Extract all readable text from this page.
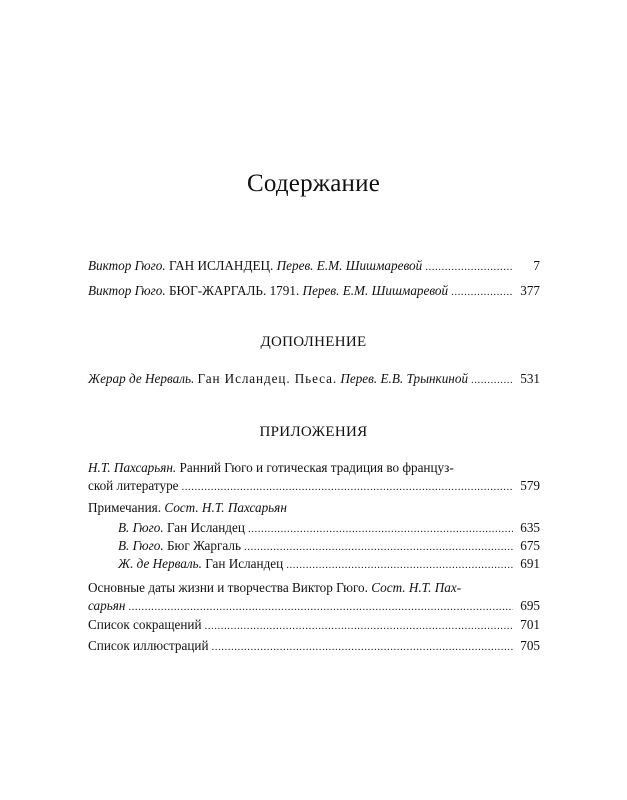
Содержание
Виктор Гюго. ГАН ИСЛАНДЕЦ. Перев. Е.М. Шишмаревой .....	7
Виктор Гюго. БЮГ-ЖАРГАЛЬ. 1791. Перев. Е.М. Шишмаревой .....	377
ДОПОЛНЕНИЕ
Жерар де Нерваль. Ган Исландец. Пьеса. Перев. Е.В. Трынкиной .....	531
ПРИЛОЖЕНИЯ
Н.Т. Пахсарьян. Ранний Гюго и готическая традиция во француз-
ской литературе .....	579
Примечания. Сост. Н.Т. Пахсарьян
В. Гюго. Ган Исландец .....	635
В. Гюго. Бюг Жаргаль .....	675
Ж. де Нерваль. Ган Исландец .....	691
Основные даты жизни и творчества Виктор Гюго. Сост. Н.Т. Пах-
сарьян .....	695
Список сокращений .....	701
Список иллюстраций .....	705
